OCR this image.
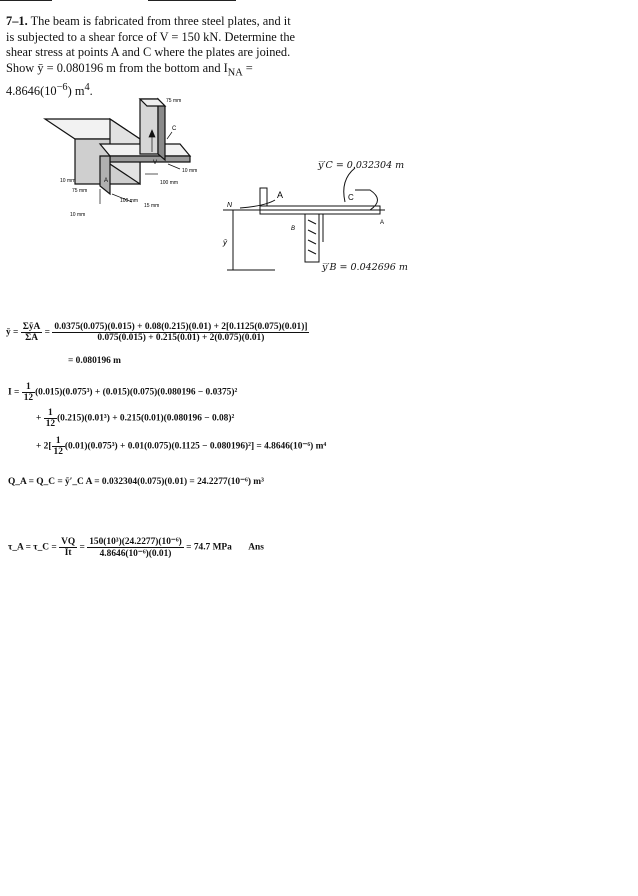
7–1. The beam is fabricated from three steel plates, and it
is subjected to a shear force of V = 150 kN. Determine the
shear stress at points A and C where the plates are joined.
Show ȳ = 0.080196 m from the bottom and $I_{NA}$ =
$4.8646(10^{-6})$ $m^4$.
75 mm
C
10 mm
V
100 mm
10 mm	A
75 mm
100 mm
15 mm
10 mm
N
A	C
A
ȳ
B
y̅′C = 0.032304 m
y̅′B = 0.042696 m
ȳ = $\frac{\text{ΣỹA}}{\Sigma A}$ =
0.0375(0.075)(0.015) + 0.08(0.215)(0.01) + 2[0.1125(0.075)(0.01)]
0.075(0.015) + 0.215(0.01) + 2(0.075)(0.01)
= 0.080196 m
$I = \frac{1}{12} (0.015)(0.075^3) + (0.015)(0.075)(0.080196 - 0.0375)^2$
+ $\frac{1}{12} (0.215)(0.01^3) + 0.215(0.01)(0.080196 - 0.08)^2$
+ $2[ \frac{1}{12} (0.01)(0.075^3) + 0.01(0.075)(0.1125 - 0.080196)^2] = 4.8646(10^{-6})$ m⁴
Q_A = Q_C = ỹ′_C A = 0.032304(0.075)(0.01) = 24.2277(10⁻⁶) m³
τ_A = τ_C = $\frac{VQ}{It} = \frac{\text{150(10³)(24.2277)(10⁻⁶)}}{\text{4.8646(10⁻⁶)(0.01)}} = 74.7$ MPa Ans
